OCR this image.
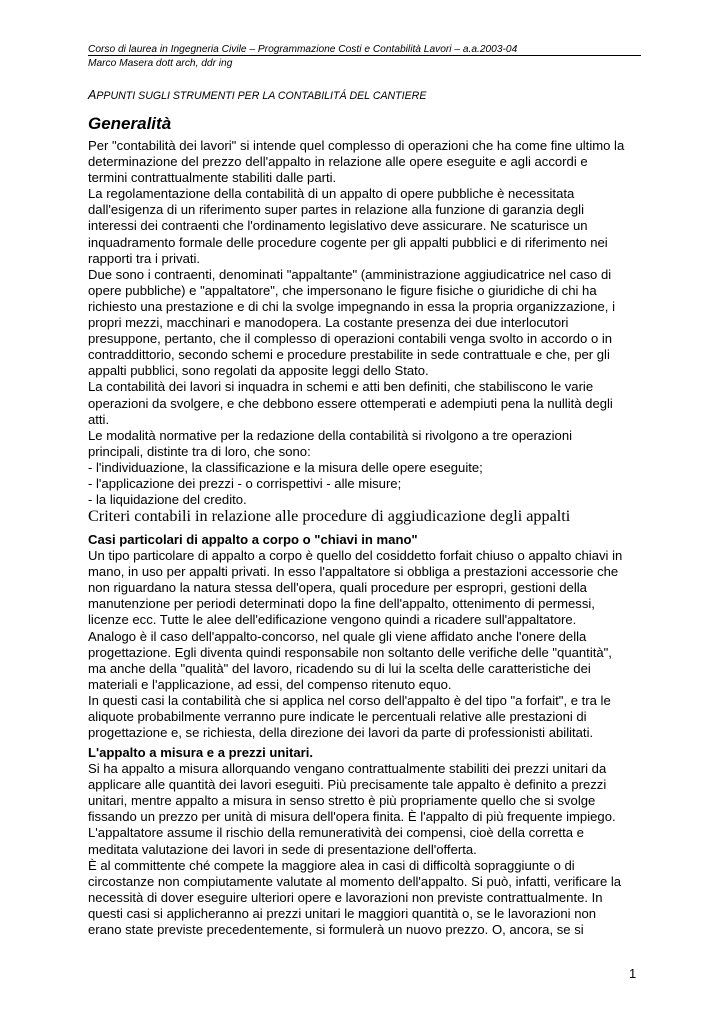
Corso di laurea in Ingegneria Civile – Programmazione Costi e Contabilità Lavori – a.a.2003-04
Marco Masera dott arch, ddr ing
APPUNTI SUGLI STRUMENTI PER LA CONTABILITÁ DEL CANTIERE
Generalità
Per "contabilità dei lavori" si intende quel complesso di operazioni che ha come fine ultimo la
determinazione del prezzo dell'appalto in relazione alle opere eseguite e agli accordi e
termini contrattualmente stabiliti dalle parti.
La regolamentazione della contabilità di un appalto di opere pubbliche è necessitata
dall'esigenza di un riferimento super partes in relazione alla funzione di garanzia degli
interessi dei contraenti che l'ordinamento legislativo deve assicurare. Ne scaturisce un
inquadramento formale delle procedure cogente per gli appalti pubblici e di riferimento nei
rapporti tra i privati.
Due sono i contraenti, denominati "appaltante" (amministrazione aggiudicatrice nel caso di
opere pubbliche) e "appaltatore", che impersonano le figure fisiche o giuridiche di chi ha
richiesto una prestazione e di chi la svolge impegnando in essa la propria organizzazione, i
propri mezzi, macchinari e manodopera. La costante presenza dei due interlocutori
presuppone, pertanto, che il complesso di operazioni contabili venga svolto in accordo o in
contraddittorio, secondo schemi e procedure prestabilite in sede contrattuale e che, per gli
appalti pubblici, sono regolati da apposite leggi dello Stato.
La contabilità dei lavori si inquadra in schemi e atti ben definiti, che stabiliscono le varie
operazioni da svolgere, e che debbono essere ottemperati e adempiuti pena la nullità degli
atti.
Le modalità normative per la redazione della contabilità si rivolgono a tre operazioni
principali, distinte tra di loro, che sono:
- l'individuazione, la classificazione e la misura delle opere eseguite;
- l'applicazione dei prezzi - o corrispettivi - alle misure;
- la liquidazione del credito.
Criteri contabili in relazione alle procedure di aggiudicazione degli appalti
Casi particolari di appalto a corpo o "chiavi in mano"
Un tipo particolare di appalto a corpo è quello del cosiddetto forfait chiuso o appalto chiavi in
mano, in uso per appalti privati. In esso l'appaltatore si obbliga a prestazioni accessorie che
non riguardano la natura stessa dell'opera, quali procedure per espropri, gestioni della
manutenzione per periodi determinati dopo la fine dell'appalto, ottenimento di permessi,
licenze ecc. Tutte le alee dell'edificazione vengono quindi a ricadere sull'appaltatore.
Analogo è il caso dell'appalto-concorso, nel quale gli viene affidato anche l'onere della
progettazione. Egli diventa quindi responsabile non soltanto delle verifiche delle "quantità",
ma anche della "qualità" del lavoro, ricadendo su di lui la scelta delle caratteristiche dei
materiali e l'applicazione, ad essi, del compenso ritenuto equo.
In questi casi la contabilità che si applica nel corso dell'appalto è del tipo "a forfait", e tra le
aliquote probabilmente verranno pure indicate le percentuali relative alle prestazioni di
progettazione e, se richiesta, della direzione dei lavori da parte di professionisti abilitati.
L'appalto a misura e a prezzi unitari.
Si ha appalto a misura allorquando vengano contrattualmente stabiliti dei prezzi unitari da
applicare alle quantità dei lavori eseguiti. Più precisamente tale appalto è definito a prezzi
unitari, mentre appalto a misura in senso stretto è più propriamente quello che si svolge
fissando un prezzo per unità di misura dell'opera finita. È l'appalto di più frequente impiego.
L'appaltatore assume il rischio della remuneratività dei compensi, cioè della corretta e
meditata valutazione dei lavori in sede di presentazione dell'offerta.
È al committente ché compete la maggiore alea in casi di difficoltà sopraggiunte o di
circostanze non compiutamente valutate al momento dell'appalto. Si può, infatti, verificare la
necessità di dover eseguire ulteriori opere e lavorazioni non previste contrattualmente. In
questi casi si applicheranno ai prezzi unitari le maggiori quantità o, se le lavorazioni non
erano state previste precedentemente, si formulerà un nuovo prezzo. O, ancora, se si
1
